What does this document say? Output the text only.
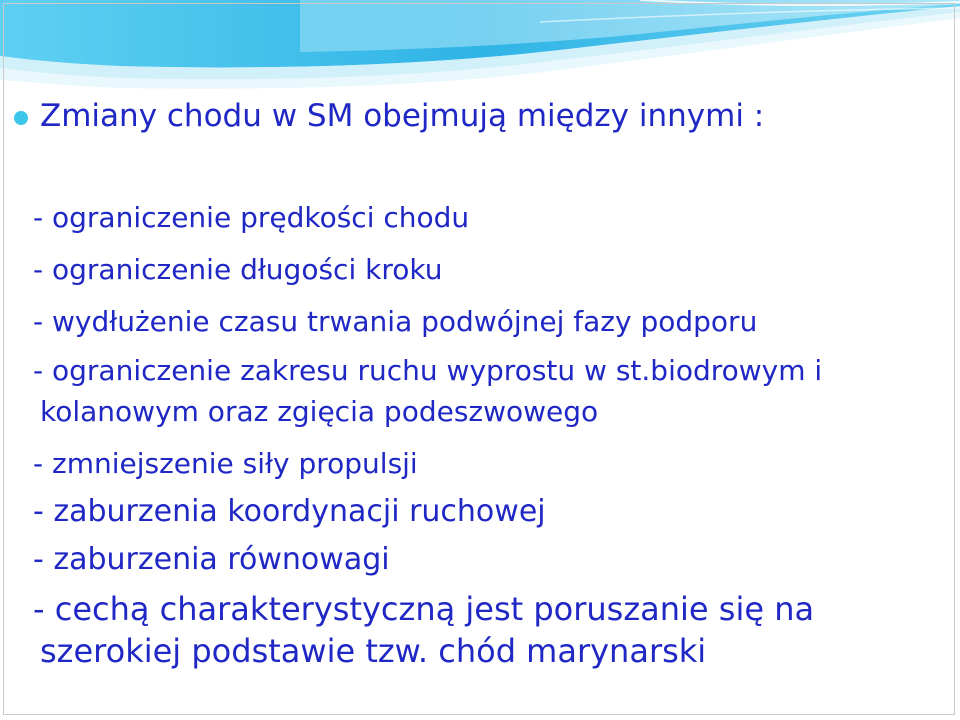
Zmiany chodu w SM obejmują między innymi :

- ograniczenie prędkości chodu

- ograniczenie długości kroku

- wydłużenie czasu trwania podwójnej fazy podporu

- ograniczenie zakresu ruchu wyprostu w st.biodrowym i

kolanowym oraz zgięcia podeszwowego

- zmniejszenie siły propulsji

- zaburzenia koordynacji ruchowej

- zaburzenia równowagi

- cechą charakterystyczną jest poruszanie się na

szerokiej podstawie tzw. chód marynarski
